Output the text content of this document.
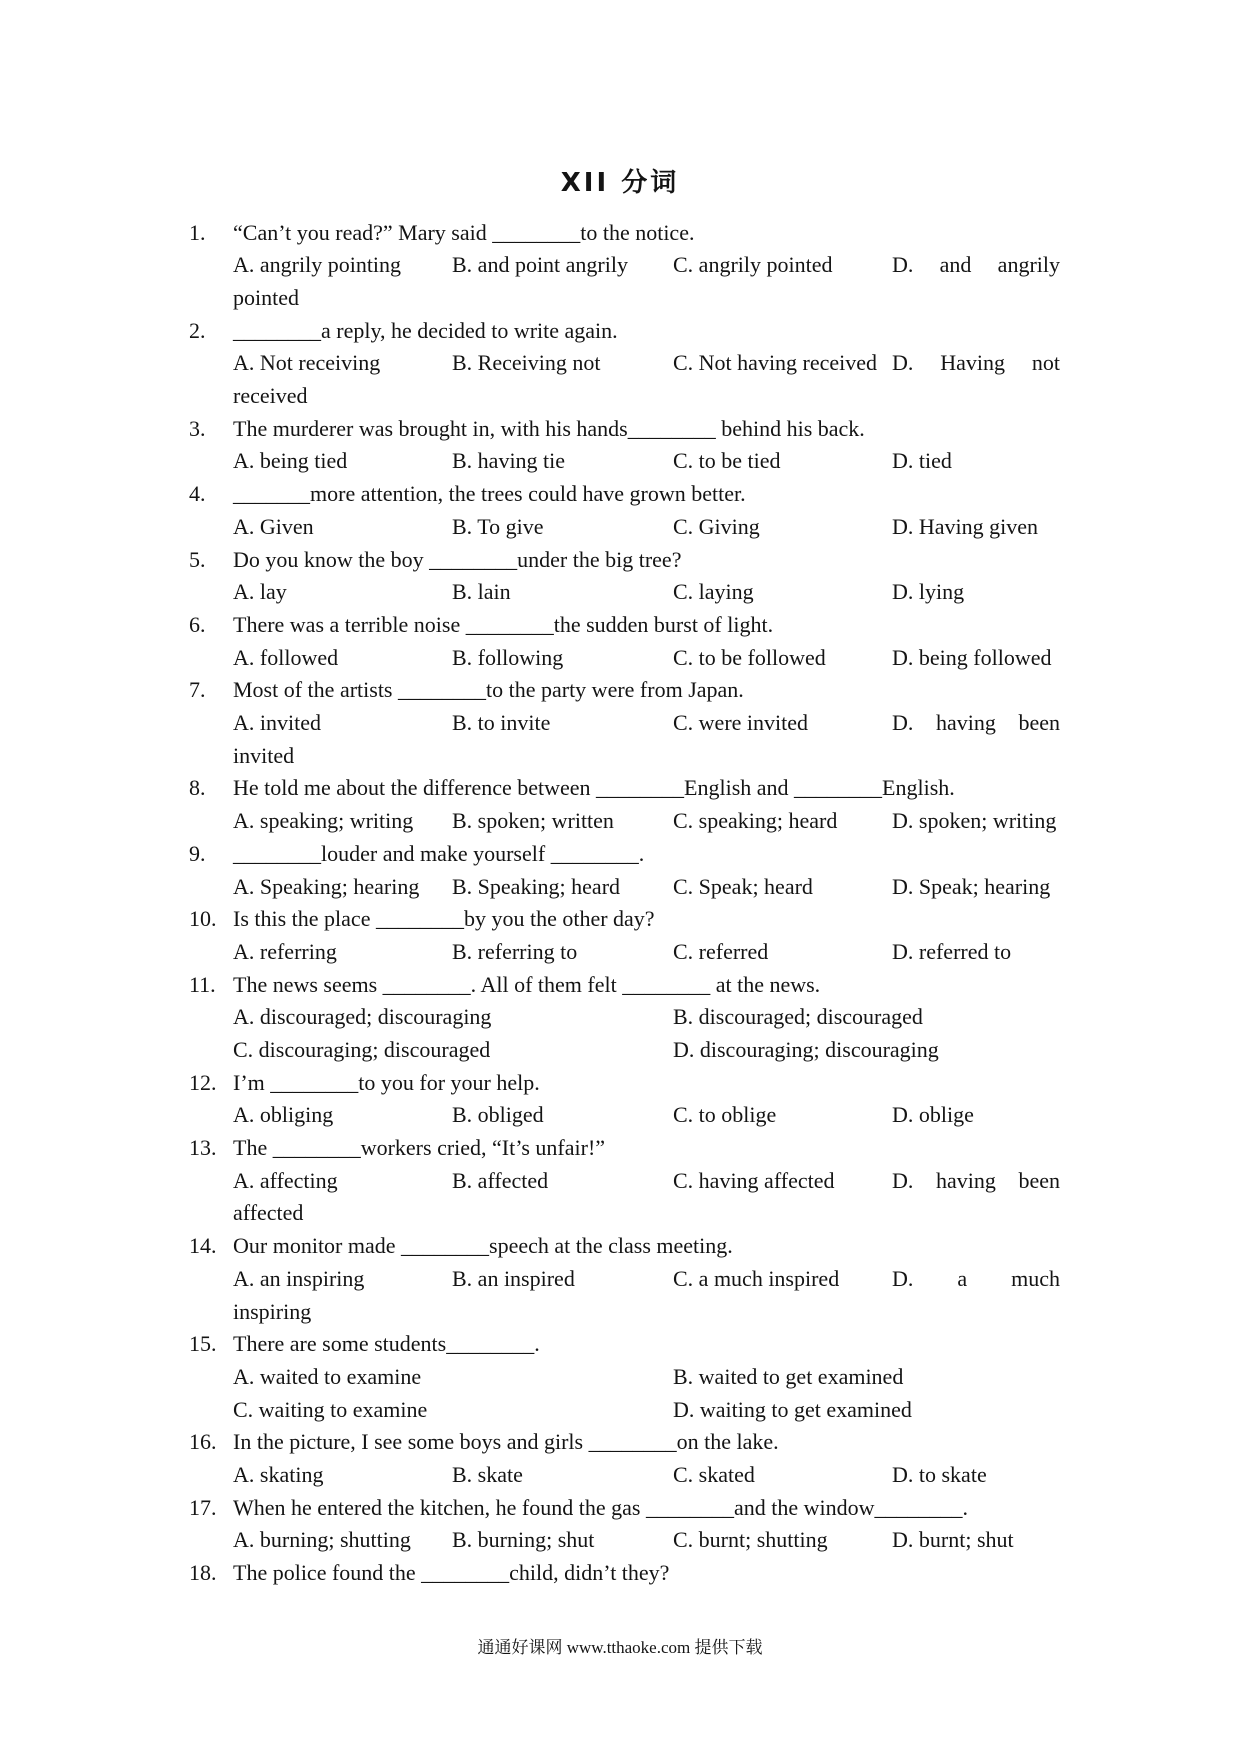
XII 分词
1. “Can’t you read?” Mary said ________to the notice.
A. angrily pointing B. and point angrily C. angrily pointed	D. and angrily pointed
2. ________a reply, he decided to write again.
A. Not receiving	B. Receiving not	C. Not having received D. Having not received
3. The murderer was brought in, with his hands________ behind his back.
A. being tied	B. having tie	C. to be tied	D. tied
4. _______more attention, the trees could have grown better.
A. Given	B. To give	C. Giving	D. Having given
5. Do you know the boy ________under the big tree?
A. lay	B. lain	C. laying	D. lying
6. There was a terrible noise ________the sudden burst of light.
A. followed	B. following	C. to be followed	D. being followed
7. Most of the artists ________to the party were from Japan.
A. invited	B. to invite	C. were invited	D. having been invited
8. He told me about the difference between ________English and ________English.
A. speaking; writing B. spoken; written	C. speaking; heard D. spoken; writing
9. ________louder and make yourself ________.
A. Speaking; hearing B. Speaking; heard C. Speak; heard	D. Speak; hearing
10. Is this the place ________by you the other day?
A. referring	B. referring to	C. referred	D. referred to
11. The news seems ________. All of them felt ________ at the news.
A. discouraged; discouraging	B. discouraged; discouraged
C. discouraging; discouraged	D. discouraging; discouraging
12. I’m ________to you for your help.
A. obliging	B. obliged	C. to oblige	D. oblige
13. The ________workers cried, “It’s unfair!”
A. affecting	B. affected	C. having affected	D. having been affected
14. Our monitor made ________speech at the class meeting.
A. an inspiring	B. an inspired	C. a much inspired D. a much inspiring
15. There are some students________.
A. waited to examine	B. waited to get examined
C. waiting to examine	D. waiting to get examined
16. In the picture, I see some boys and girls ________on the lake.
A. skating	B. skate	C. skated	D. to skate
17. When he entered the kitchen, he found the gas ________and the window________.
A. burning; shutting B. burning; shut	C. burnt; shutting	D. burnt; shut
18. The police found the ________child, didn’t they?
通通好课网 www.tthaoke.com 提供下载
